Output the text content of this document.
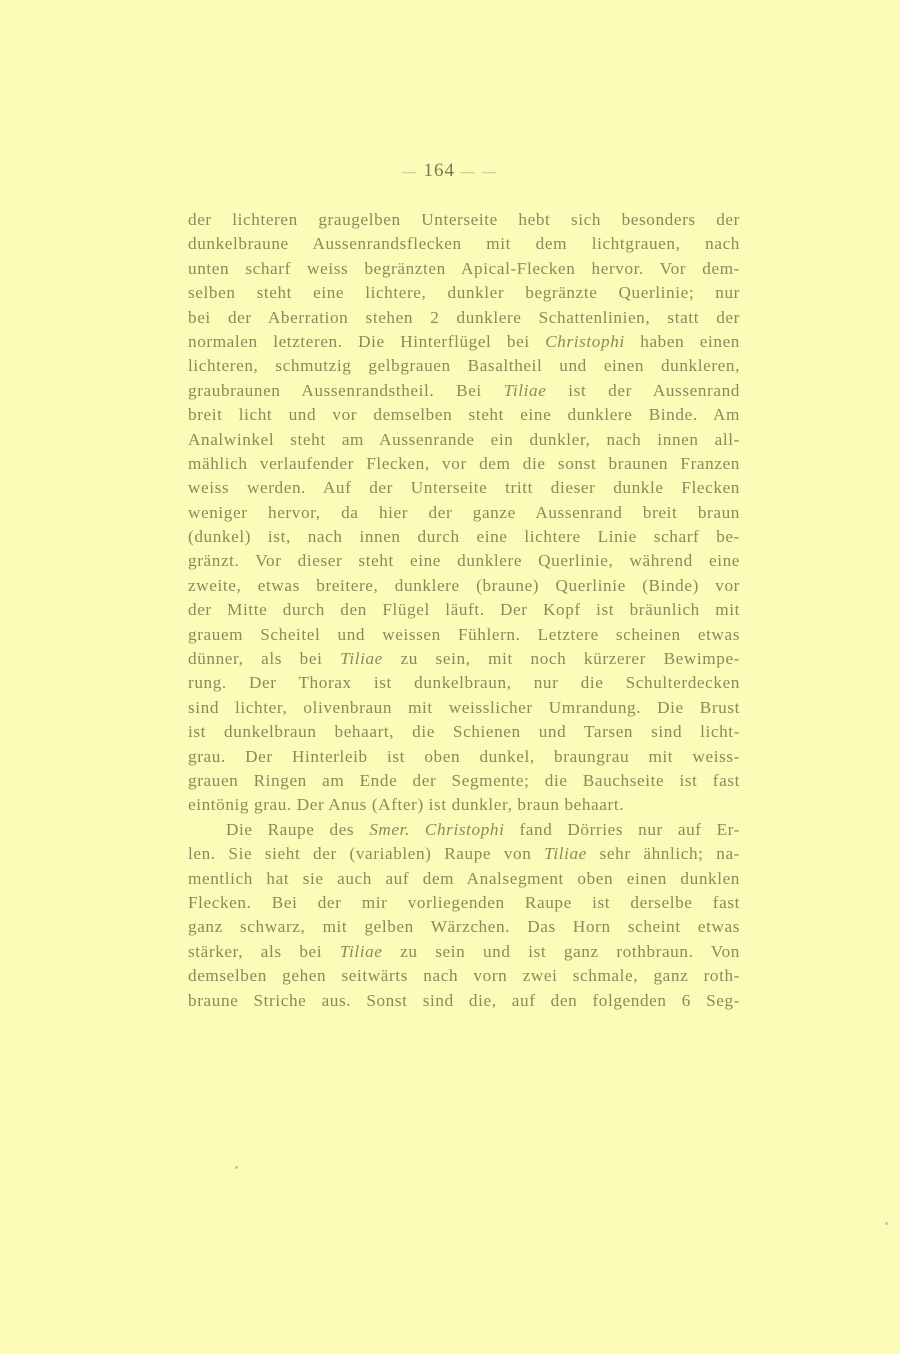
— 164 — —
der lichteren graugelben Unterseite hebt sich besonders der
dunkelbraune Aussenrandsflecken mit dem lichtgrauen, nach
unten scharf weiss begränzten Apical-Flecken hervor. Vor dem-
selben steht eine lichtere, dunkler begränzte Querlinie; nur
bei der Aberration stehen 2 dunklere Schattenlinien, statt der
normalen letzteren. Die Hinterflügel bei Christophi haben einen
lichteren, schmutzig gelbgrauen Basaltheil und einen dunkleren,
graubraunen Aussenrandstheil. Bei Tiliae ist der Aussenrand
breit licht und vor demselben steht eine dunklere Binde. Am
Analwinkel steht am Aussenrande ein dunkler, nach innen all-
mählich verlaufender Flecken, vor dem die sonst braunen Franzen
weiss werden. Auf der Unterseite tritt dieser dunkle Flecken
weniger hervor, da hier der ganze Aussenrand breit braun
(dunkel) ist, nach innen durch eine lichtere Linie scharf be-
gränzt. Vor dieser steht eine dunklere Querlinie, während eine
zweite, etwas breitere, dunklere (braune) Querlinie (Binde) vor
der Mitte durch den Flügel läuft. Der Kopf ist bräunlich mit
grauem Scheitel und weissen Fühlern. Letztere scheinen etwas
dünner, als bei Tiliae zu sein, mit noch kürzerer Bewimpe-
rung. Der Thorax ist dunkelbraun, nur die Schulterdecken
sind lichter, olivenbraun mit weisslicher Umrandung. Die Brust
ist dunkelbraun behaart, die Schienen und Tarsen sind licht-
grau. Der Hinterleib ist oben dunkel, braungrau mit weiss-
grauen Ringen am Ende der Segmente; die Bauchseite ist fast
eintönig grau. Der Anus (After) ist dunkler, braun behaart.
Die Raupe des Smer. Christophi fand Dörries nur auf Er-
len. Sie sieht der (variablen) Raupe von Tiliae sehr ähnlich; na-
mentlich hat sie auch auf dem Analsegment oben einen dunklen
Flecken. Bei der mir vorliegenden Raupe ist derselbe fast
ganz schwarz, mit gelben Wärzchen. Das Horn scheint etwas
stärker, als bei Tiliae zu sein und ist ganz rothbraun. Von
demselben gehen seitwärts nach vorn zwei schmale, ganz roth-
braune Striche aus. Sonst sind die, auf den folgenden 6 Seg-
